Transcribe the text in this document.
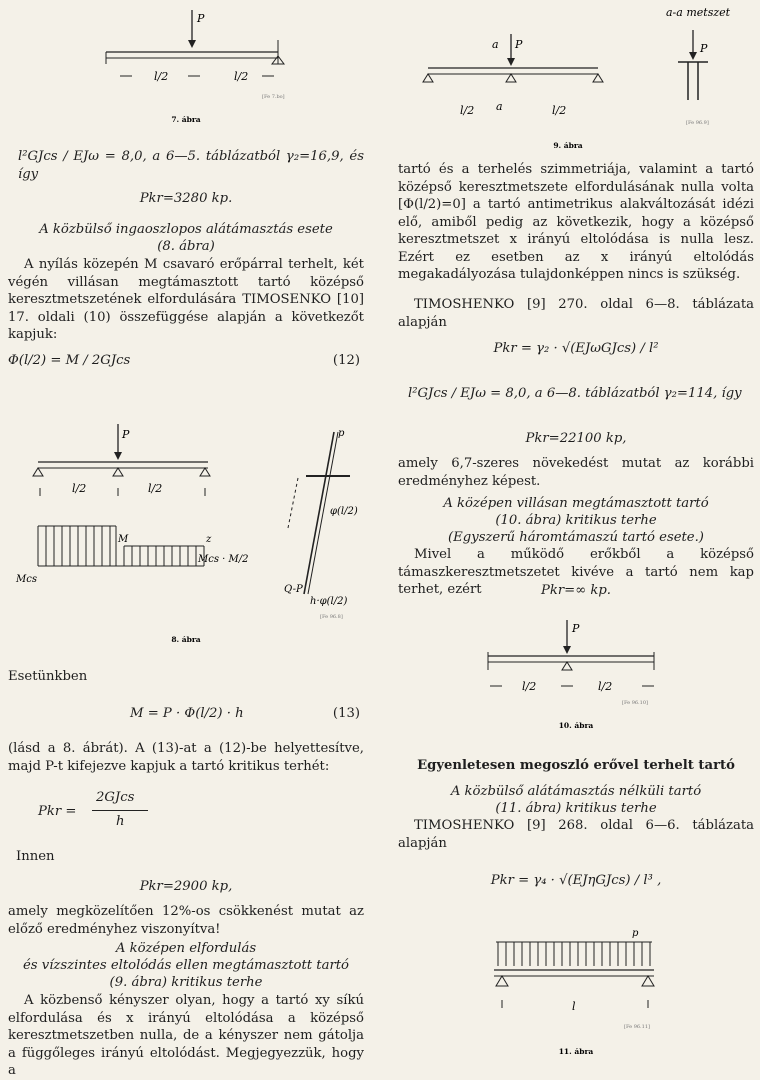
P
l/2	l/2
[Fe 7.bo]
7. ábra

l²GJcs / EJω = 8,0, a 6—5. táblázatból γ₂=16,9, és így

Pkr=3280 kp.

A közbülső ingaoszlopos alátámasztás esete

(8. ábra)

A nyílás közepén M csavaró erőpárral terhelt, két végén villásan megtámasztott tartó középső keresztmetszetének elfordulására TIMOSENKO [10] 17. oldali (10) összefüggése alapján a következőt kapjuk:

Φ(l/2) = M / 2GJcs	(12)
P
l/2	l/2
Mcs
M	z
Mcs · M/2
p
φ(l/2)
Q-P
h·φ(l/2)
[Fe 96.8]
8. ábra

Esetünkben

M = P · Φ(l/2) · h	(13)

(lásd a 8. ábrát). A (13)-at a (12)-be helyettesítve, majd P-t kifejezve kapjuk a tartó kritikus terhét:

Pkr =
2GJcs
h

Innen

Pkr=2900 kp,

amely megközelítően 12%-os csökkenést mutat az előző eredményhez viszonyítva!

A középen elfordulás

és vízszintes eltolódás ellen megtámasztott tartó

(9. ábra) kritikus terhe

A közbenső kényszer olyan, hogy a tartó xy síkú elfordulása és x irányú eltolódása a középső keresztmetszetben nulla, de a kényszer nem gátolja a függőleges irányú eltolódást. Megjegyezzük, hogy a

a P
a-a metszet
P
l/2 a	l/2
[Fe 96.9]
9. ábra

tartó és a terhelés szimmetriája, valamint a tartó középső keresztmetszete elfordulásának nulla volta [Φ(l/2)=0] a tartó antimetrikus alakváltozását idézi elő, amiből pedig az következik, hogy a középső keresztmetszet x irányú eltolódása is nulla lesz. Ezért ez esetben az x irányú eltolódás megakadályozása tulajdonképpen nincs is szükség.

TIMOSHENKO [9] 270. oldal 6—8. táblázata alapján

Pkr = γ₂ · √(EJωGJcs) / l²

l²GJcs / EJω = 8,0, a 6—8. táblázatból γ₂=114, így

Pkr=22100 kp,

amely 6,7-szeres növekedést mutat az korábbi eredményhez képest.

A középen villásan megtámasztott tartó

(10. ábra) kritikus terhe

(Egyszerű háromtámaszú tartó esete.)

Mivel a működő erőkből a középső támaszkeresztmetszetet kivéve a tartó nem kap terhet, ezért	Pkr=∞ kp.

P
l/2	l/2
[Fe 96.10]
10. ábra

Egyenletesen megoszló erővel terhelt tartó

A közbülső alátámasztás nélküli tartó

(11. ábra) kritikus terhe

TIMOSHENKO [9] 268. oldal 6—6. táblázata alapján

Pkr = γ₄ · √(EJηGJcs) / l³ ,

p
l
[Fe 96.11]
11. ábra
